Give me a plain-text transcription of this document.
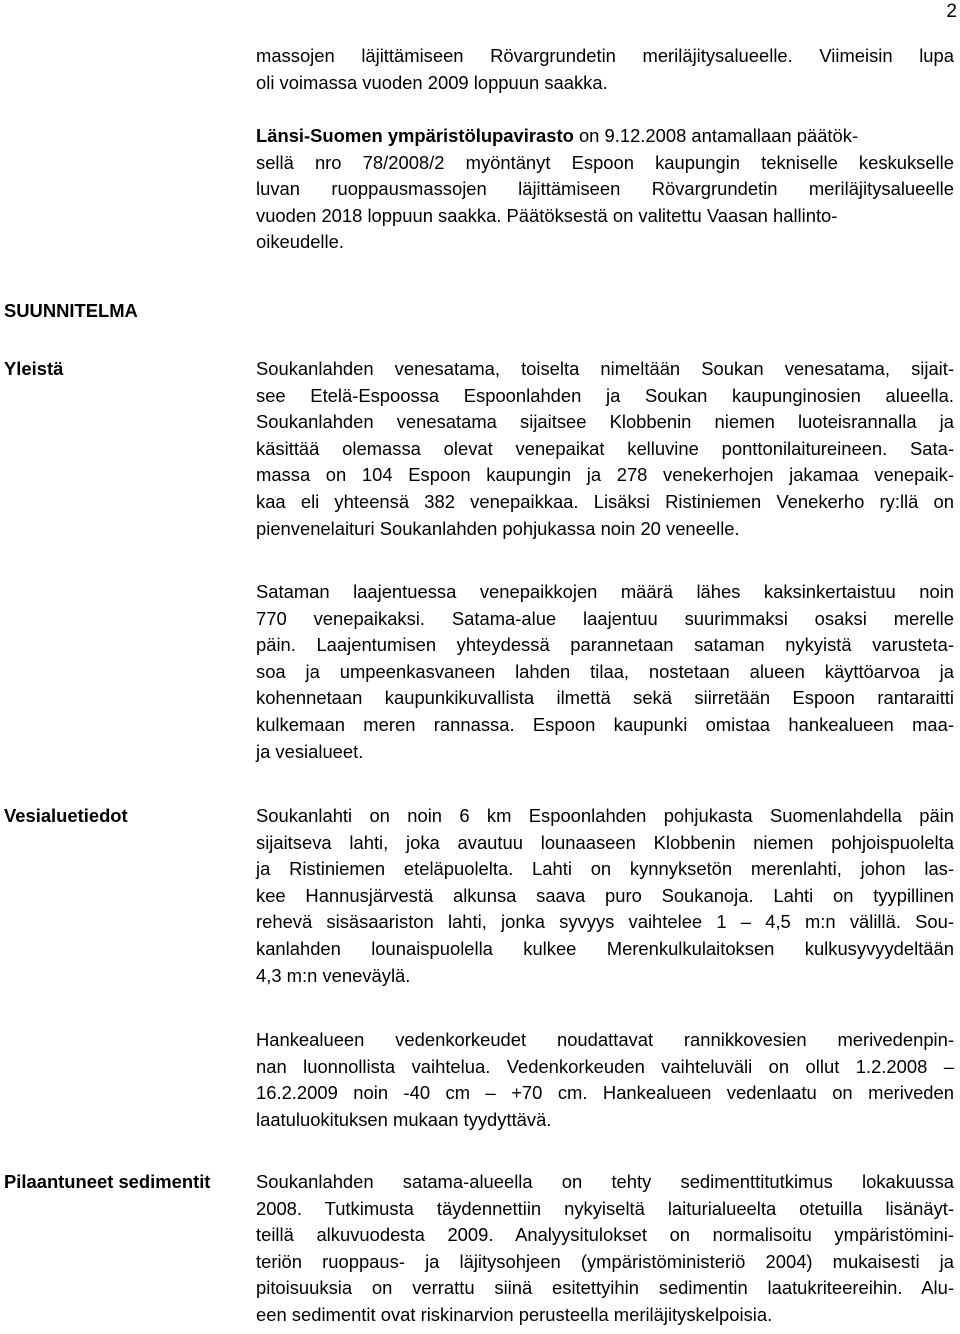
2
massojen läjittämiseen Rövargrundetin meriläjitysalueelle. Viimeisin lupa
oli voimassa vuoden 2009 loppuun saakka.
Länsi-Suomen ympäristölupavirasto on 9.12.2008 antamallaan päätök-
sellä nro 78/2008/2 myöntänyt Espoon kaupungin tekniselle keskukselle
luvan ruoppausmassojen läjittämiseen Rövargrundetin meriläjitysalueelle
vuoden 2018 loppuun saakka. Päätöksestä on valitettu Vaasan hallinto-
oikeudelle.
SUUNNITELMA
Yleistä	Soukanlahden venesatama, toiselta nimeltään Soukan venesatama, sijait-
see Etelä-Espoossa Espoonlahden ja Soukan kaupunginosien alueella.
Soukanlahden venesatama sijaitsee Klobbenin niemen luoteisrannalla ja
käsittää olemassa olevat venepaikat kelluvine ponttonilaitureineen. Sata-
massa on 104 Espoon kaupungin ja 278 venekerhojen jakamaa venepaik-
kaa eli yhteensä 382 venepaikkaa. Lisäksi Ristiniemen Venekerho ry:llä on
pienvenelaituri Soukanlahden pohjukassa noin 20 veneelle.
Sataman laajentuessa venepaikkojen määrä lähes kaksinkertaistuu noin
770 venepaikaksi. Satama-alue laajentuu suurimmaksi osaksi merelle
päin. Laajentumisen yhteydessä parannetaan sataman nykyistä varusteta-
soa ja umpeenkasvaneen lahden tilaa, nostetaan alueen käyttöarvoa ja
kohennetaan kaupunkikuvallista ilmettä sekä siirretään Espoon rantaraitti
kulkemaan meren rannassa. Espoon kaupunki omistaa hankealueen maa-
ja vesialueet.
Vesialuetiedot	Soukanlahti on noin 6 km Espoonlahden pohjukasta Suomenlahdella päin
sijaitseva lahti, joka avautuu lounaaseen Klobbenin niemen pohjoispuolelta
ja Ristiniemen eteläpuolelta. Lahti on kynnyksetön merenlahti, johon las-
kee Hannusjärvestä alkunsa saava puro Soukanoja. Lahti on tyypillinen
rehevä sisäsaariston lahti, jonka syvyys vaihtelee 1 – 4,5 m:n välillä. Sou-
kanlahden lounaispuolella kulkee Merenkulkulaitoksen kulkusyvyydeltään
4,3 m:n veneväylä.
Hankealueen vedenkorkeudet noudattavat rannikkovesien merivedenpin-
nan luonnollista vaihtelua. Vedenkorkeuden vaihteluväli on ollut 1.2.2008 –
16.2.2009 noin -40 cm – +70 cm. Hankealueen vedenlaatu on meriveden
laatuluokituksen mukaan tyydyttävä.
Pilaantuneet sedimentit Soukanlahden satama-alueella on tehty sedimenttitutkimus lokakuussa
2008. Tutkimusta täydennettiin nykyiseltä laiturialueelta otetuilla lisänäyt-
teillä alkuvuodesta 2009. Analyysitulokset on normalisoitu ympäristömini-
teriön ruoppaus- ja läjitysohjeen (ympäristöministeriö 2004) mukaisesti ja
pitoisuuksia on verrattu siinä esitettyihin sedimentin laatukriteereihin. Alu-
een sedimentit ovat riskinarvion perusteella meriläjityskelpoisia.
